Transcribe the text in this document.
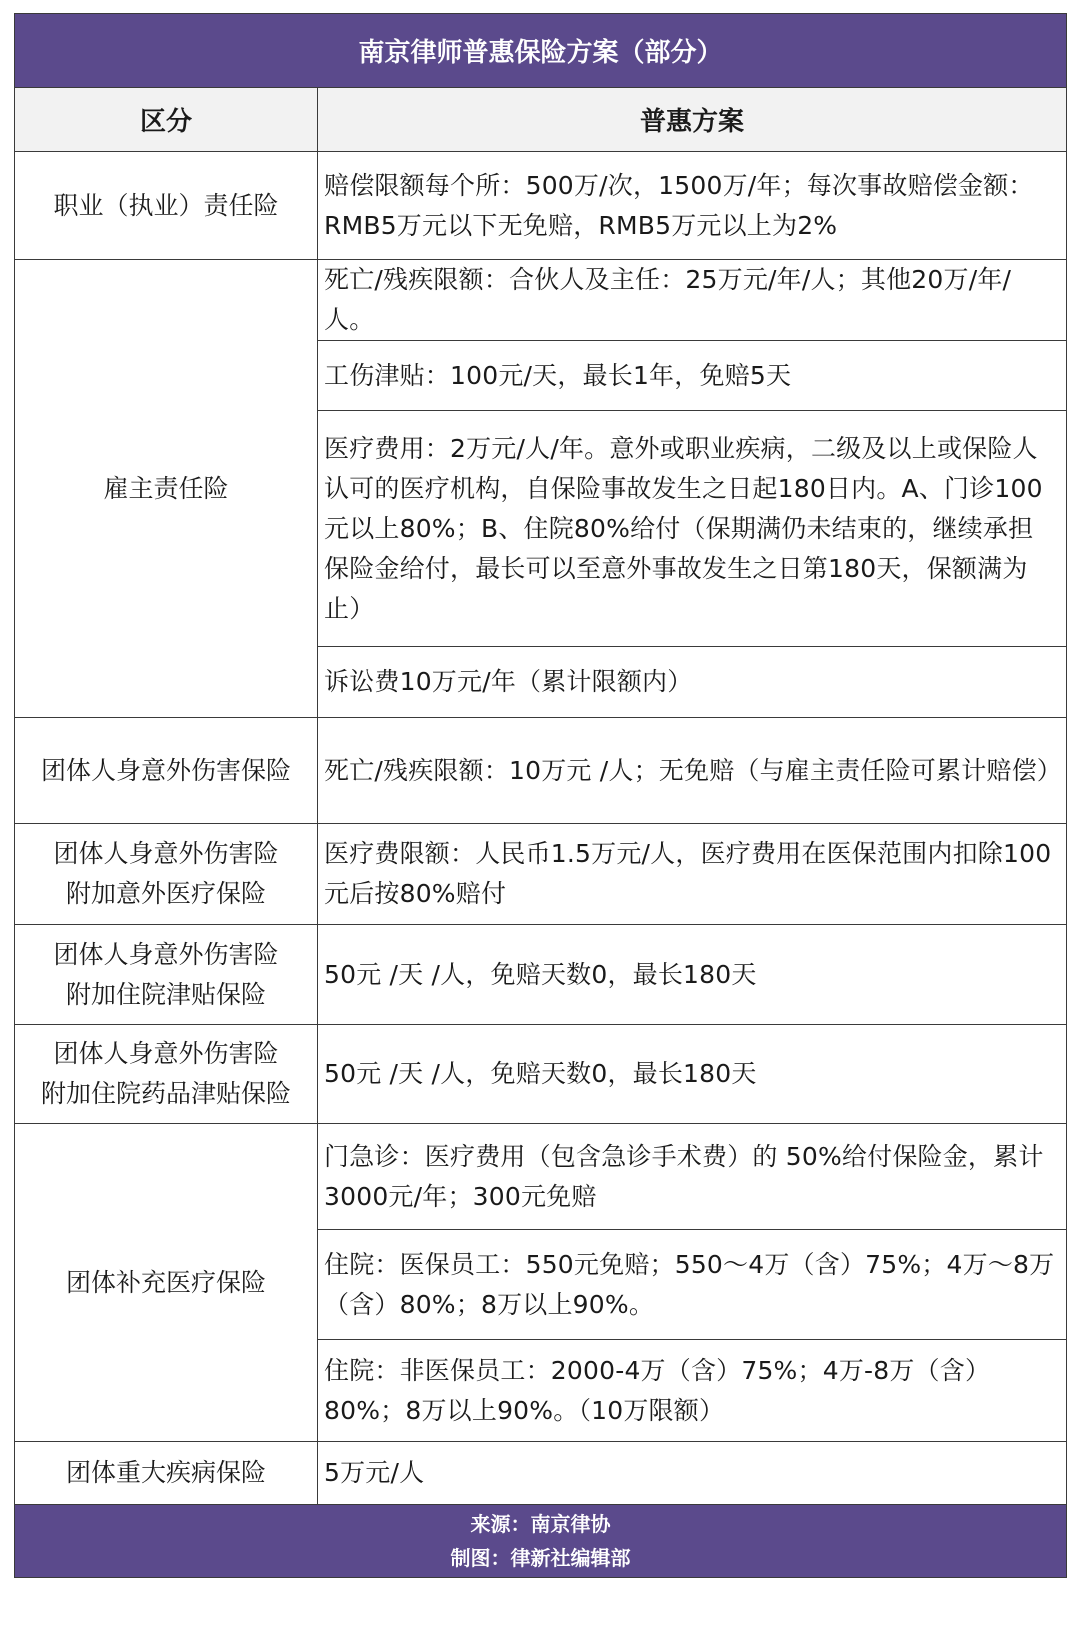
南京律师普惠保险方案（部分）	
区分	普惠方案
职业（执业）责任险	赔偿限额每个所：500万/次，1500万/年；每次事故赔偿金额：RMB5万元以下无免赔，RMB5万元以上为2%
雇主责任险	死亡/残疾限额：合伙人及主任：25万元/年/人；其他20万/年/人。
	工伤津贴：100元/天，最长1年，免赔5天
	医疗费用：2万元/人/年。意外或职业疾病，二级及以上或保险人认可的医疗机构，自保险事故发生之日起180日内。A、门诊100元以上80%；B、住院80%给付（保期满仍未结束的，继续承担保险金给付，最长可以至意外事故发生之日第180天，保额满为止）
	诉讼费10万元/年（累计限额内）
团体人身意外伤害保险	死亡/残疾限额：10万元 /人；无免赔（与雇主责任险可累计赔偿）

团体人身意外伤害险
附加意外医疗保险	医疗费限额：人民币1.5万元/人，医疗费用在医保范围内扣除100元后按80%赔付

团体人身意外伤害险
附加住院津贴保险	50元 /天 /人，免赔天数0，最长180天

团体人身意外伤害险
附加住院药品津贴保险	50元 /天 /人，免赔天数0，最长180天
团体补充医疗保险	门急诊：医疗费用（包含急诊手术费）的 50%给付保险金，累计3000元/年；300元免赔
	住院：医保员工：550元免赔；550～4万（含）75%；4万～8万（含）80%；8万以上90%。
	住院：非医保员工：2000-4万（含）75%；4万-8万（含）80%；8万以上90%。（10万限额）
团体重大疾病保险	5万元/人

来源：南京律协
制图：律新社编辑部	
